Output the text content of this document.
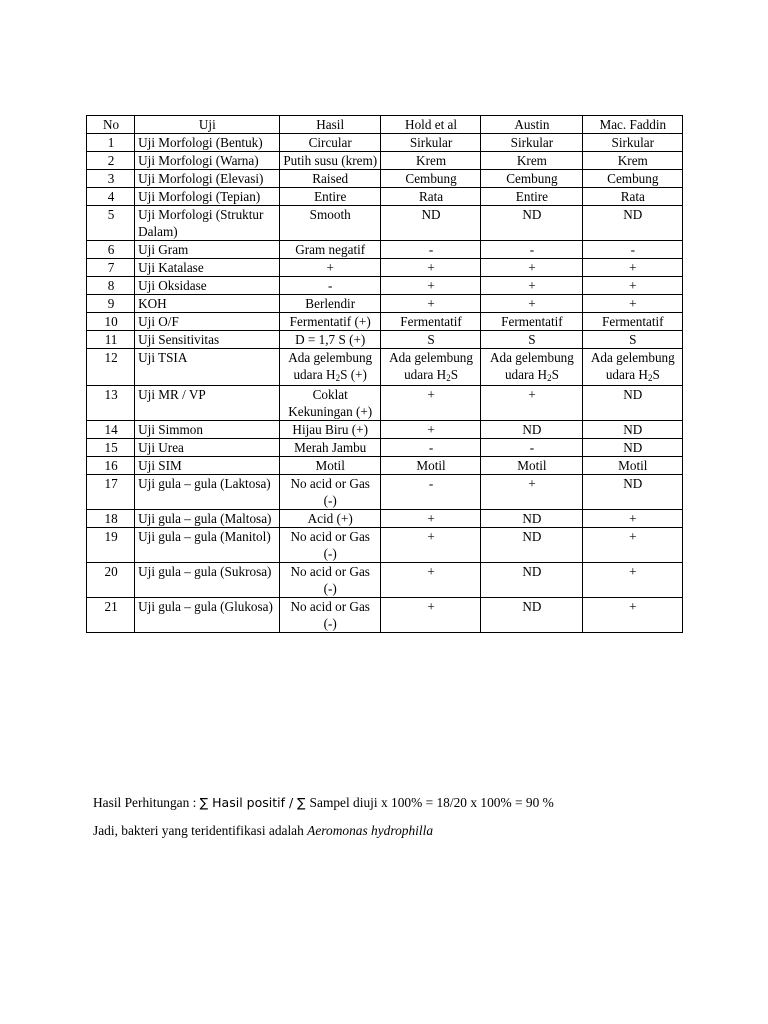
No	Uji	Hasil	Hold et al	Austin	Mac. Faddin
1	Uji Morfologi (Bentuk)	Circular	Sirkular	Sirkular	Sirkular
2	Uji Morfologi (Warna)	Putih susu (krem)	Krem	Krem	Krem
3	Uji Morfologi (Elevasi)	Raised	Cembung	Cembung	Cembung
4	Uji Morfologi (Tepian)	Entire	Rata	Entire	Rata
5	Uji Morfologi (Struktur Dalam)	Smooth	ND	ND	ND
6	Uji Gram	Gram negatif	-	-	-
7	Uji Katalase	+	+	+	+
8	Uji Oksidase	-	+	+	+
9	KOH	Berlendir	+	+	+
10	Uji O/F	Fermentatif (+)	Fermentatif	Fermentatif	Fermentatif
11	Uji Sensitivitas	D = 1,7 S (+)	S	S	S
12	Uji TSIA	Ada gelembung udara H2S (+)	Ada gelembung udara H2S	Ada gelembung udara H2S	Ada gelembung udara H2S
13	Uji MR / VP	Coklat Kekuningan (+)	+	+	ND
14	Uji Simmon	Hijau Biru (+)	+	ND	ND
15	Uji Urea	Merah Jambu	-	-	ND
16	Uji SIM	Motil	Motil	Motil	Motil
17	Uji gula – gula (Laktosa)	No acid or Gas (-)	-	+	ND
18	Uji gula – gula (Maltosa)	Acid (+)	+	ND	+
19	Uji gula – gula (Manitol)	No acid or Gas (-)	+	ND	+
20	Uji gula – gula (Sukrosa)	No acid or Gas (-)	+	ND	+
21	Uji gula – gula (Glukosa)	No acid or Gas (-)	+	ND	+
Hasil Perhitungan : ∑ Hasil positif / ∑ Sampel diuji x 100% = 18/20 x 100% = 90 %
Jadi, bakteri yang teridentifikasi adalah Aeromonas hydrophilla
